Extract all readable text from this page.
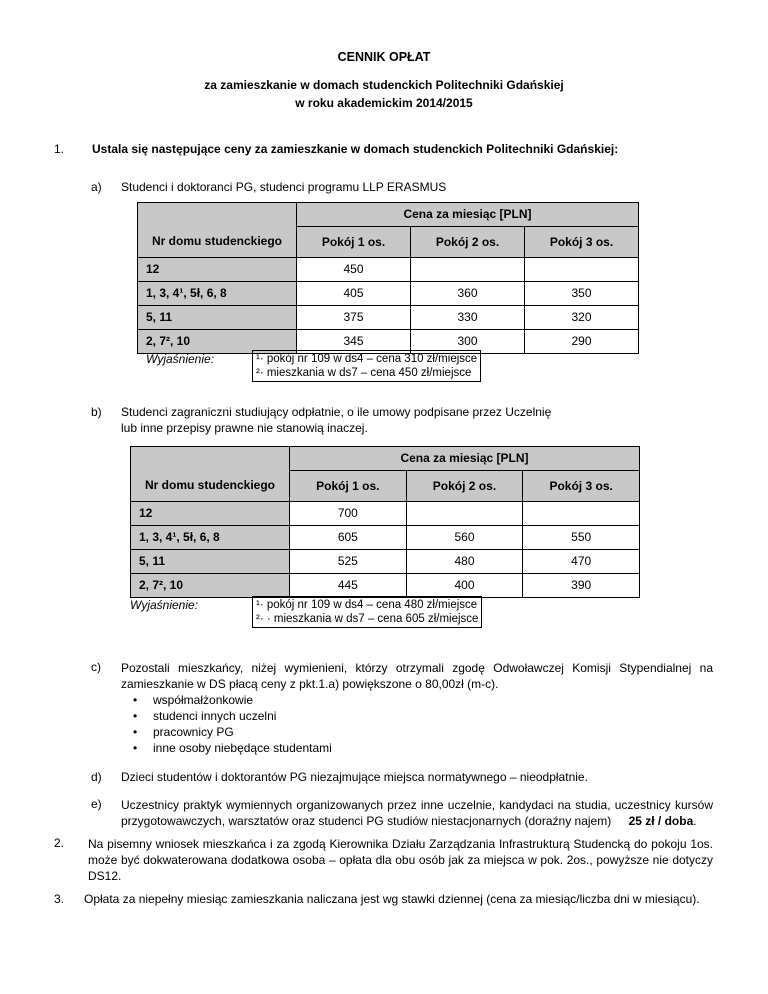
CENNIK OPŁAT
za zamieszkanie w domach studenckich Politechniki Gdańskiej
w roku akademickim 2014/2015
1. Ustala się następujące ceny za zamieszkanie w domach studenckich Politechniki Gdańskiej:
a) Studenci i doktoranci PG, studenci programu LLP ERASMUS
	Cena za miesiąc [PLN]		
Nr domu studenckiego	Pokój 1 os.	Pokój 2 os.	Pokój 3 os.
12	450		
1, 3, 4¹, 5ł, 6, 8	405	360	350
5, 11	375	330	320
2, 7², 10	345	300	290
Wyjaśnienie:	¹· pokój nr 109 w ds4 – cena 310 zł/miejsce
²· mieszkania w ds7 – cena 450 zł/miejsce
b) Studenci zagraniczni studiujący odpłatnie, o ile umowy podpisane przez Uczelnię
lub inne przepisy prawne nie stanowią inaczej.
	Cena za miesiąc [PLN]		
Nr domu studenckiego	Pokój 1 os.	Pokój 2 os.	Pokój 3 os.
12	700		
1, 3, 4¹, 5ł, 6, 8	605	560	550
5, 11	525	480	470
2, 7², 10	445	400	390
Wyjaśnienie:	¹· pokój nr 109 w ds4 – cena 480 zł/miejsce
²· · mieszkania w ds7 – cena 605 zł/miejsce
c) Pozostali mieszkańcy, niżej wymienieni, którzy otrzymali zgodę Odwoławczej Komisji Stypendialnej na zamieszkanie w DS płacą ceny z pkt.1.a) powiększone o 80,00zł (m-c).
• współmałżonkowie
• studenci innych uczelni
• pracownicy PG
• inne osoby niebędące studentami
d) Dzieci studentów i doktorantów PG niezajmujące miejsca normatywnego – nieodpłatnie.
e) Uczestnicy praktyk wymiennych organizowanych przez inne uczelnie, kandydaci na studia, uczestnicy kursów przygotowawczych, warsztatów oraz studenci PG studiów niestacjonarnych (doraźny najem) 25 zł / doba.
2. Na pisemny wniosek mieszkańca i za zgodą Kierownika Działu Zarządzania Infrastrukturą Studencką do pokoju 1os. może być dokwaterowana dodatkowa osoba – opłata dla obu osób jak za miejsca w pok. 2os., powyższe nie dotyczy DS12.
3. Opłata za niepełny miesiąc zamieszkania naliczana jest wg stawki dziennej (cena za miesiąc/liczba dni w miesiącu).
